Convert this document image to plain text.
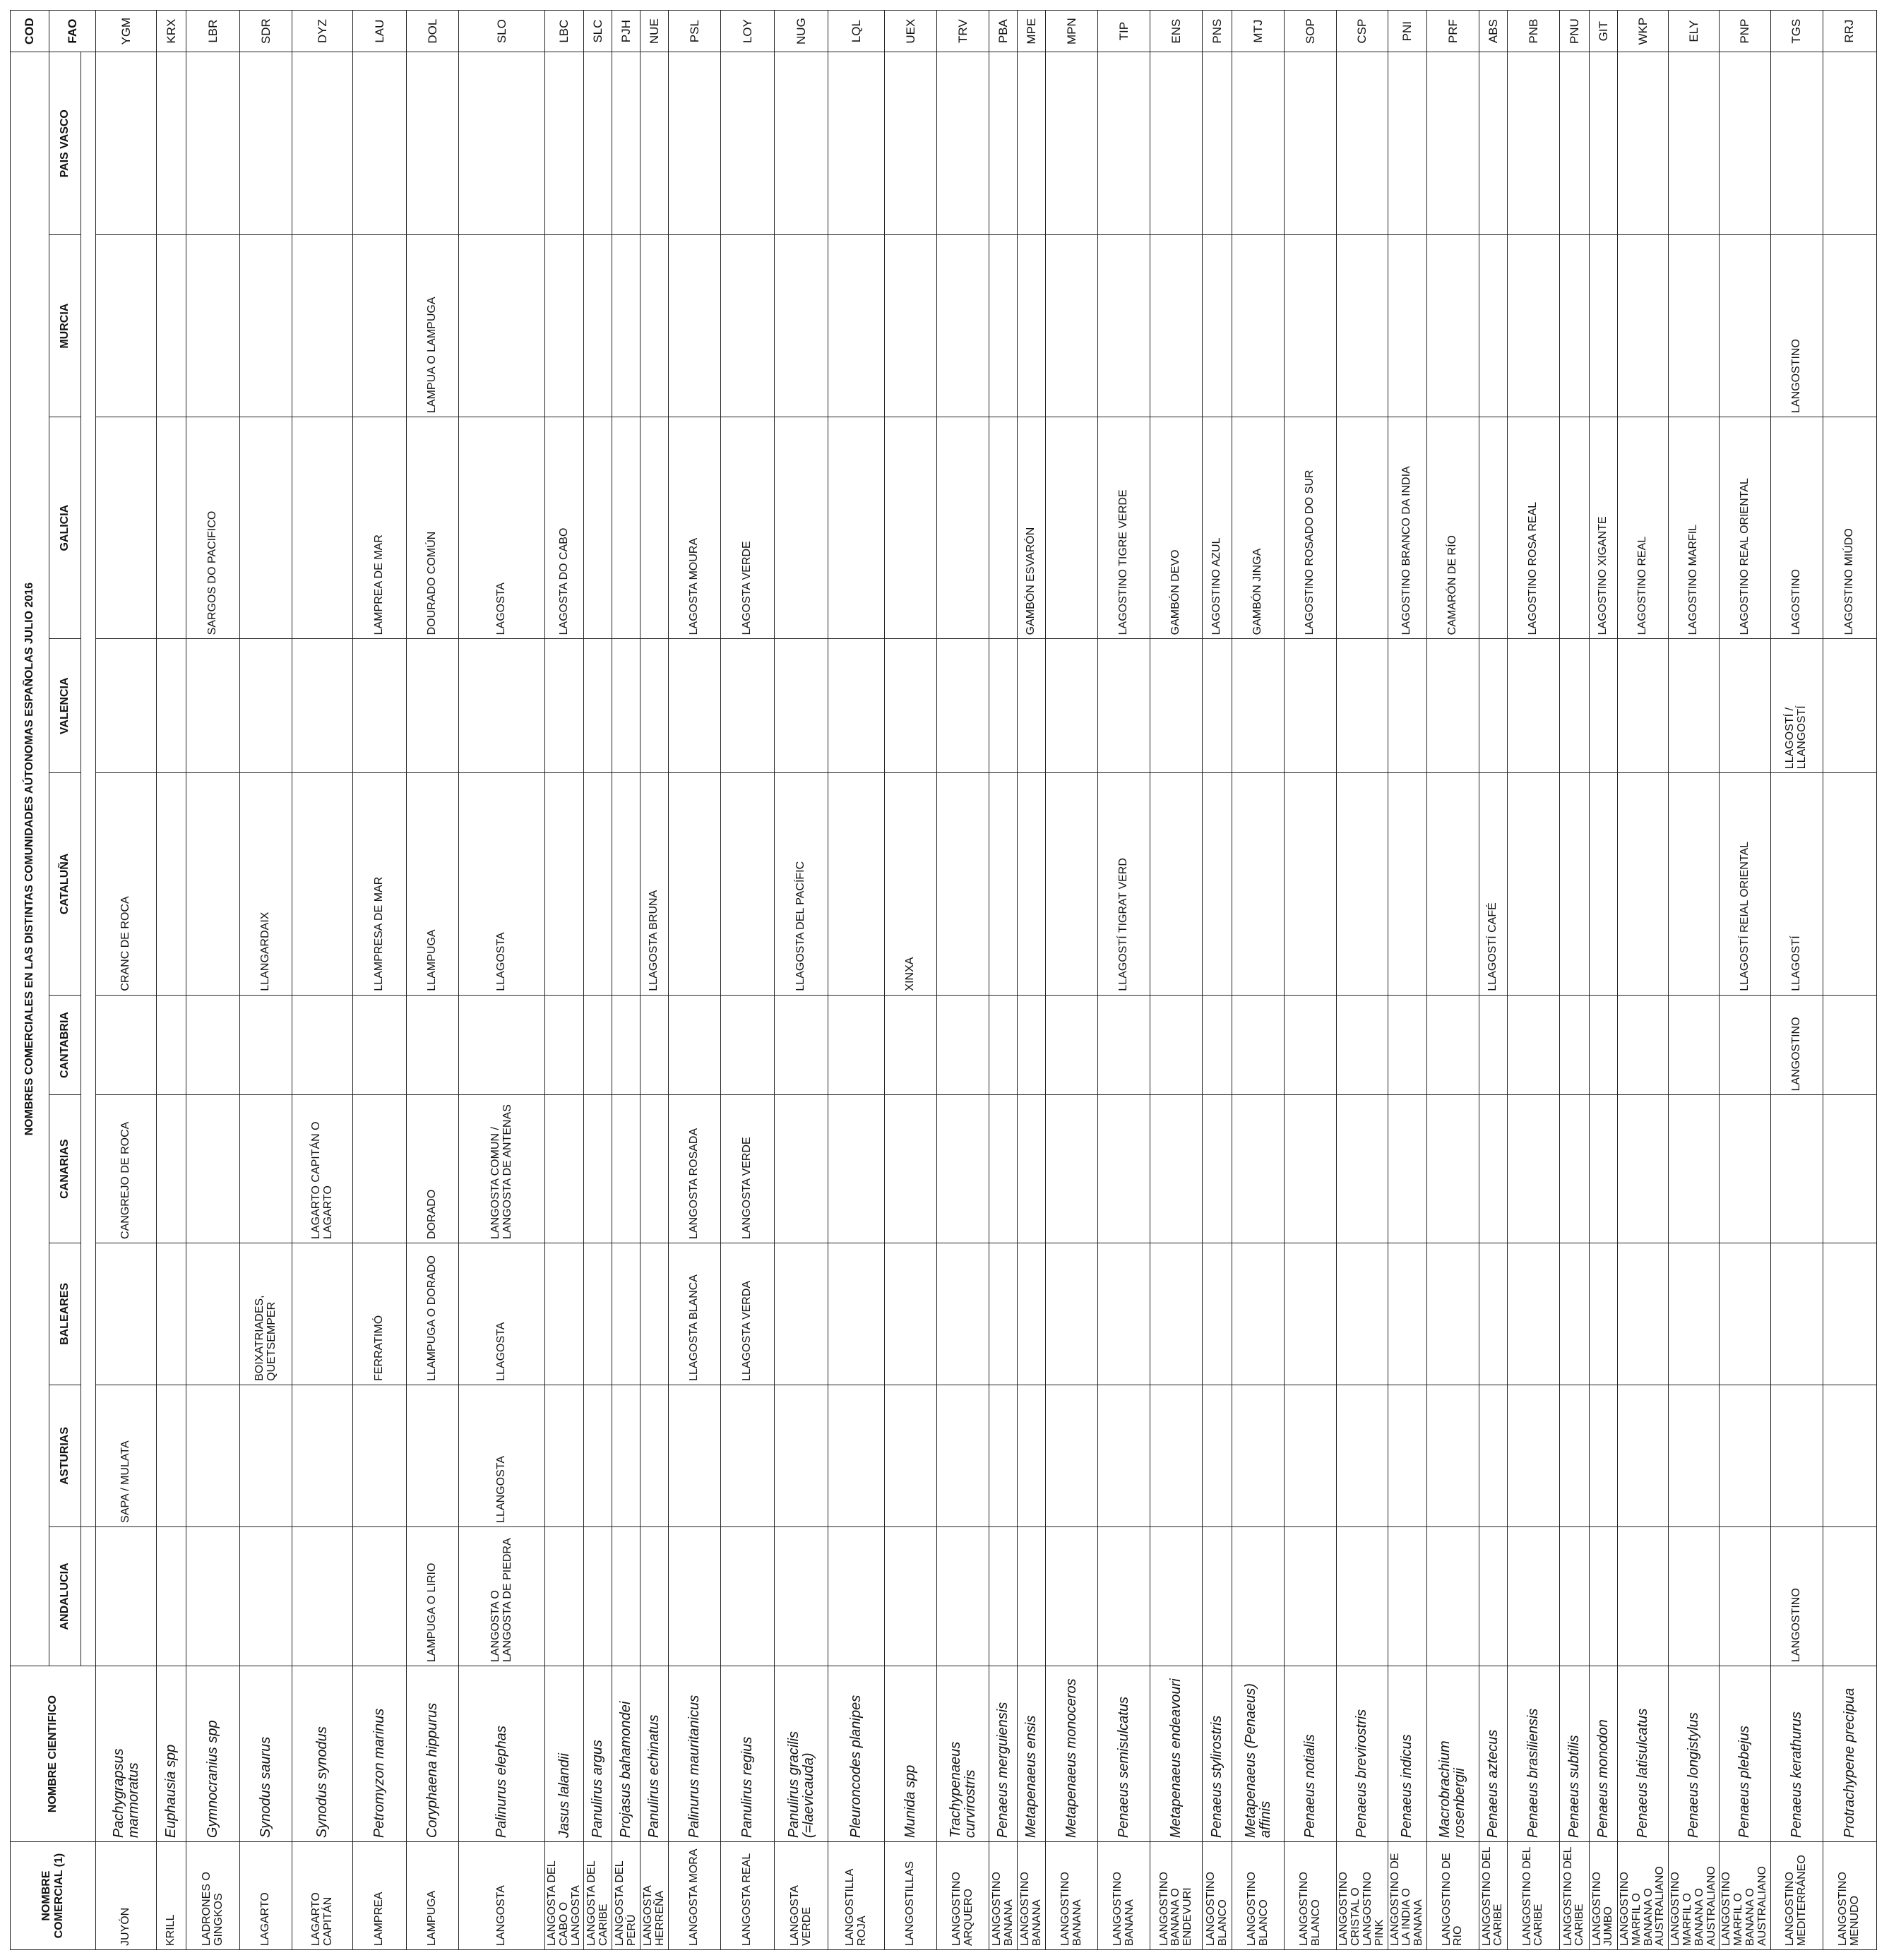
NOMBRE COMERCIAL (1)	NOMBRE CIENTIFICO	NOMBRES COMERCIALES EN LAS DISTINTAS COMUNIDADES AÚTONOMAS ESPAÑOLAS JULIO 2016										COD
		ANDALUCIA	ASTURIAS	BALEARES	CANARIAS	CANTABRIA	CATALUÑA	VALENCIA	GALICIA	MURCIA	PAIS VASCO	FAO

JUYÓN	Pachygrapsus marmoratus		SAPA / MULATA		CANGREJO DE ROCA		CRANC DE ROCA					YGM
KRILL	Euphausia spp											KRX
LADRONES O GINGKOS	Gymnocranius spp								SARGOS DO PACIFICO			LBR
LAGARTO	Synodus saurus			BOIXATRIADES, QUETSEMPER			LLANGARDAIX					SDR
LAGARTO CAPITÁN	Synodus synodus				LAGARTO CAPITÁN O LAGARTO							DYZ
LAMPREA	Petromyzon marinus			FERRATIMÓ			LLAMPRESA DE MAR		LAMPREA DE MAR			LAU
LAMPUGA	Coryphaena hippurus	LAMPUGA O LIRIO		LLAMPUGA O DORADO	DORADO		LLAMPUGA		DOURADO COMÚN	LAMPUA O LAMPUGA		DOL
LANGOSTA	Palinurus elephas	LANGOSTA O LANGOSTA DE PIEDRA	LLANGOSTA	LLAGOSTA	LANGOSTA COMUN / LANGOSTA DE ANTENAS		LLAGOSTA		LAGOSTA			SLO
LANGOSTA DEL CABO O LANGOSTA	Jasus lalandii								LAGOSTA DO CABO			LBC
LANGOSTA DEL CARIBE	Panulirus argus											SLC
LANGOSTA DEL PERÚ	Projasus bahamondei											PJH
LANGOSTA HERREÑA	Panulirus echinatus						LLAGOSTA BRUNA					NUE
LANGOSTA MORA	Palinurus mauritanicus			LLAGOSTA BLANCA	LANGOSTA ROSADA				LAGOSTA MOURA			PSL
LANGOSTA REAL	Panulirus regius			LLAGOSTA VERDA	LANGOSTA VERDE				LAGOSTA VERDE			LOY
LANGOSTA VERDE	Panulirus gracilis (=laevicauda)						LLAGOSTA DEL PACÍFIC					NUG
LANGOSTILLA ROJA	Pleuroncodes planipes											LQL
LANGOSTILLAS	Munida spp						XINXA					UEX
LANGOSTINO ARQUERO	Trachypenaeus curvirostris											TRV
LANGOSTINO BANANA	Penaeus merguiensis											PBA
LANGOSTINO BANANA	Metapenaeus ensis								GAMBÓN ESVARÓN			MPE
LANGOSTINO BANANA	Metapenaeus monoceros											MPN
LANGOSTINO BANANA	Penaeus semisulcatus						LLAGOSTÍ TIGRAT VERD		LAGOSTINO TIGRE VERDE			TIP
LANGOSTINO BANANA O ENDEVURI	Metapenaeus endeavouri								GAMBÓN DEVO			ENS
LANGOSTINO BLANCO	Penaeus stylirostris								LAGOSTINO AZUL			PNS
LANGOSTINO BLANCO	Metapenaeus (Penaeus) affinis								GAMBÓN JINGA			MTJ
LANGOSTINO BLANCO	Penaeus notialis								LAGOSTINO ROSADO DO SUR			SOP
LANGOSTINO CRISTAL O LANGOSTINO PINK	Penaeus brevirostris											CSP
LANGOSTINO DE LA INDIA O BANANA	Penaeus indicus								LAGOSTINO BRANCO DA INDIA			PNI
LANGOSTINO DE RIO	Macrobrachium rosenbergii								CAMARÓN DE RÍO			PRF
LANGOSTINO DEL CARIBE	Penaeus aztecus						LLAGOSTÍ CAFÉ					ABS
LANGOSTINO DEL CARIBE	Penaeus brasiliensis								LAGOSTINO ROSA REAL			PNB
LANGOSTINO DEL CARIBE	Penaeus subtilis											PNU
LANGOSTINO JUMBO	Penaeus monodon								LAGOSTINO XIGANTE			GIT
LANGOSTINO MARFIL O BANANA O AUSTRALIANO	Penaeus latisulcatus								LAGOSTINO REAL			WKP
LANGOSTINO MARFIL O BANANA O AUSTRALIANO	Penaeus longistylus								LAGOSTINO MARFIL			ELY
LANGOSTINO MARFIL O BANANA O AUSTRALIANO	Penaeus plebejus						LLAGOSTÍ REIAL ORIENTAL		LAGOSTINO REAL ORIENTAL			PNP
LANGOSTINO MEDITERRÁNEO	Penaeus kerathurus	LANGOSTINO				LANGOSTINO	LLAGOSTÍ	LLAGOSTÍ / LLANGOSTÍ	LAGOSTINO	LANGOSTINO		TGS
LANGOSTINO MENUDO	Protrachypene precipua								LAGOSTINO MIÚDO			RRJ
